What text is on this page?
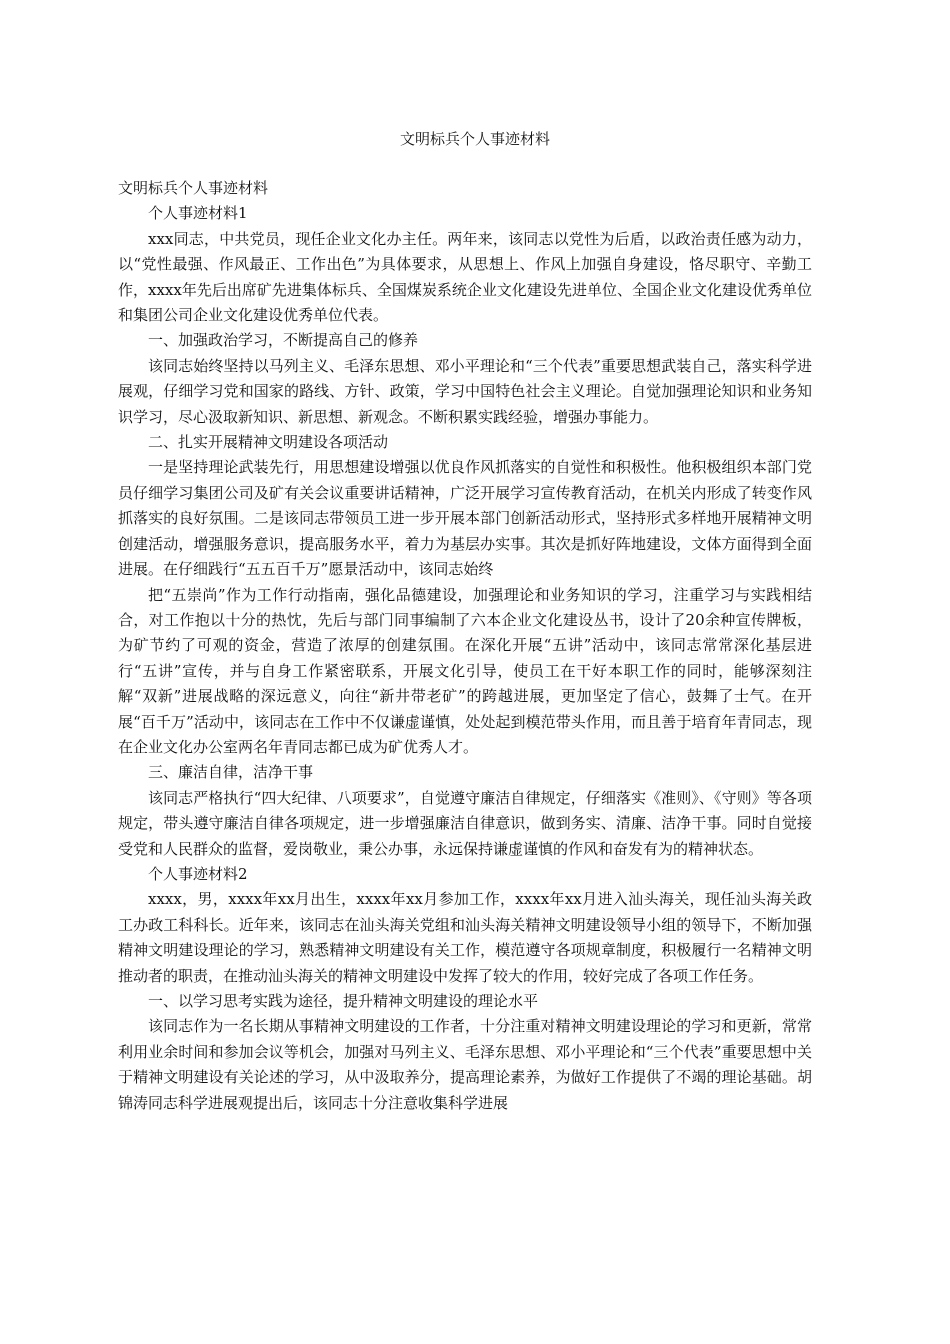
文明标兵个人事迹材料

文明标兵个人事迹材料

个人事迹材料1

xxx同志，中共党员，现任企业文化办主任。两年来，该同志以党性为后盾，以政治责任感为动力，以“党性最强、作风最正、工作出色”为具体要求，从思想上、作风上加强自身建设，恪尽职守、辛勤工作，xxxx年先后出席矿先进集体标兵、全国煤炭系统企业文化建设先进单位、全国企业文化建设优秀单位和集团公司企业文化建设优秀单位代表。

一、加强政治学习，不断提高自己的修养

该同志始终坚持以马列主义、毛泽东思想、邓小平理论和“三个代表”重要思想武装自己，落实科学进展观，仔细学习党和国家的路线、方针、政策，学习中国特色社会主义理论。自觉加强理论知识和业务知识学习，尽心汲取新知识、新思想、新观念。不断积累实践经验，增强办事能力。

二、扎实开展精神文明建设各项活动

一是坚持理论武装先行，用思想建设增强以优良作风抓落实的自觉性和积极性。他积极组织本部门党员仔细学习集团公司及矿有关会议重要讲话精神，广泛开展学习宣传教育活动，在机关内形成了转变作风抓落实的良好氛围。二是该同志带领员工进一步开展本部门创新活动形式，坚持形式多样地开展精神文明创建活动，增强服务意识，提高服务水平，着力为基层办实事。其次是抓好阵地建设，文体方面得到全面进展。在仔细践行“五五百千万”愿景活动中，该同志始终

把“五崇尚”作为工作行动指南，强化品德建设，加强理论和业务知识的学习，注重学习与实践相结合，对工作抱以十分的热忱，先后与部门同事编制了六本企业文化建设丛书，设计了20余种宣传牌板，为矿节约了可观的资金，营造了浓厚的创建氛围。在深化开展“五讲”活动中，该同志常常深化基层进行“五讲”宣传，并与自身工作紧密联系，开展文化引导，使员工在干好本职工作的同时，能够深刻注解“双新”进展战略的深远意义，向往“新井带老矿”的跨越进展，更加坚定了信心，鼓舞了士气。在开展“百千万”活动中，该同志在工作中不仅谦虚谨慎，处处起到模范带头作用，而且善于培育年青同志，现在企业文化办公室两名年青同志都已成为矿优秀人才。

三、廉洁自律，洁净干事

该同志严格执行“四大纪律、八项要求”，自觉遵守廉洁自律规定，仔细落实《准则》、《守则》等各项规定，带头遵守廉洁自律各项规定，进一步增强廉洁自律意识，做到务实、清廉、洁净干事。同时自觉接受党和人民群众的监督，爱岗敬业，秉公办事，永远保持谦虚谨慎的作风和奋发有为的精神状态。

个人事迹材料2

xxxx，男，xxxx年xx月出生，xxxx年xx月参加工作，xxxx年xx月进入汕头海关，现任汕头海关政工办政工科科长。近年来，该同志在汕头海关党组和汕头海关精神文明建设领导小组的领导下，不断加强精神文明建设理论的学习，熟悉精神文明建设有关工作，模范遵守各项规章制度，积极履行一名精神文明推动者的职责，在推动汕头海关的精神文明建设中发挥了较大的作用，较好完成了各项工作任务。

一、以学习思考实践为途径，提升精神文明建设的理论水平

该同志作为一名长期从事精神文明建设的工作者，十分注重对精神文明建设理论的学习和更新，常常利用业余时间和参加会议等机会，加强对马列主义、毛泽东思想、邓小平理论和“三个代表”重要思想中关于精神文明建设有关论述的学习，从中汲取养分，提高理论素养，为做好工作提供了不竭的理论基础。胡锦涛同志科学进展观提出后，该同志十分注意收集科学进展
